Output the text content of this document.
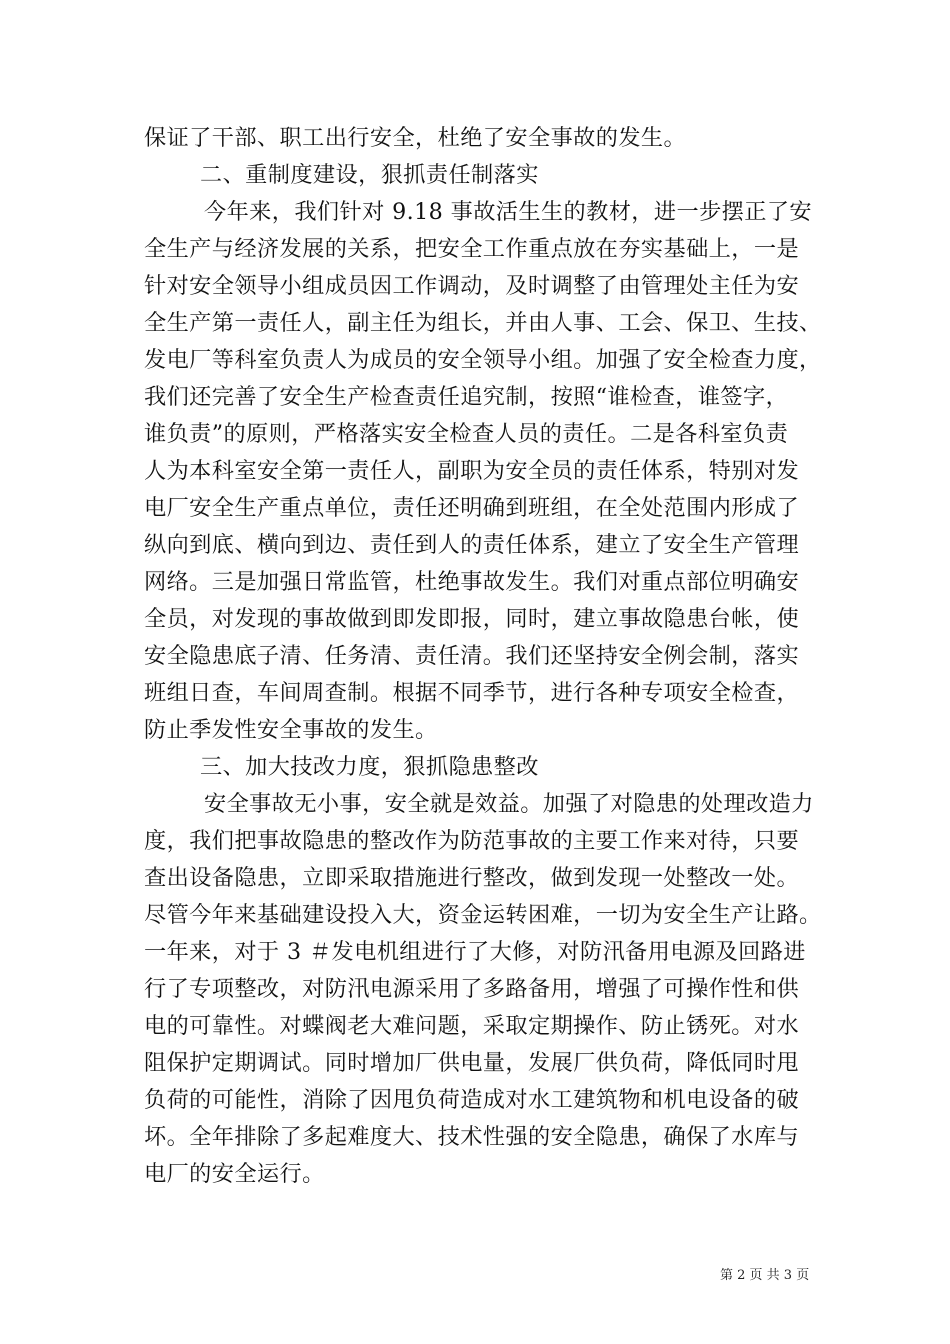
保证了干部、职工出行安全，杜绝了安全事故的发生。
二、重制度建设，狠抓责任制落实
今年来，我们针对 9.18 事故活生生的教材，进一步摆正了安
全生产与经济发展的关系，把安全工作重点放在夯实基础上，一是
针对安全领导小组成员因工作调动，及时调整了由管理处主任为安
全生产第一责任人，副主任为组长，并由人事、工会、保卫、生技、
发电厂等科室负责人为成员的安全领导小组。加强了安全检查力度，
我们还完善了安全生产检查责任追究制，按照“谁检查，谁签字，
谁负责”的原则，严格落实安全检查人员的责任。二是各科室负责
人为本科室安全第一责任人，副职为安全员的责任体系，特别对发
电厂安全生产重点单位，责任还明确到班组，在全处范围内形成了
纵向到底、横向到边、责任到人的责任体系，建立了安全生产管理
网络。三是加强日常监管，杜绝事故发生。我们对重点部位明确安
全员，对发现的事故做到即发即报，同时，建立事故隐患台帐，使
安全隐患底子清、任务清、责任清。我们还坚持安全例会制，落实
班组日查，车间周查制。根据不同季节，进行各种专项安全检查，
防止季发性安全事故的发生。
三、加大技改力度，狠抓隐患整改
安全事故无小事，安全就是效益。加强了对隐患的处理改造力
度，我们把事故隐患的整改作为防范事故的主要工作来对待，只要
查出设备隐患，立即采取措施进行整改，做到发现一处整改一处。
尽管今年来基础建设投入大，资金运转困难，一切为安全生产让路。
一年来，对于 3 ＃发电机组进行了大修，对防汛备用电源及回路进
行了专项整改，对防汛电源采用了多路备用，增强了可操作性和供
电的可靠性。对蝶阀老大难问题，采取定期操作、防止锈死。对水
阻保护定期调试。同时增加厂供电量，发展厂供负荷，降低同时甩
负荷的可能性，消除了因甩负荷造成对水工建筑物和机电设备的破
坏。全年排除了多起难度大、技术性强的安全隐患，确保了水库与
电厂的安全运行。
第 2 页 共 3 页
